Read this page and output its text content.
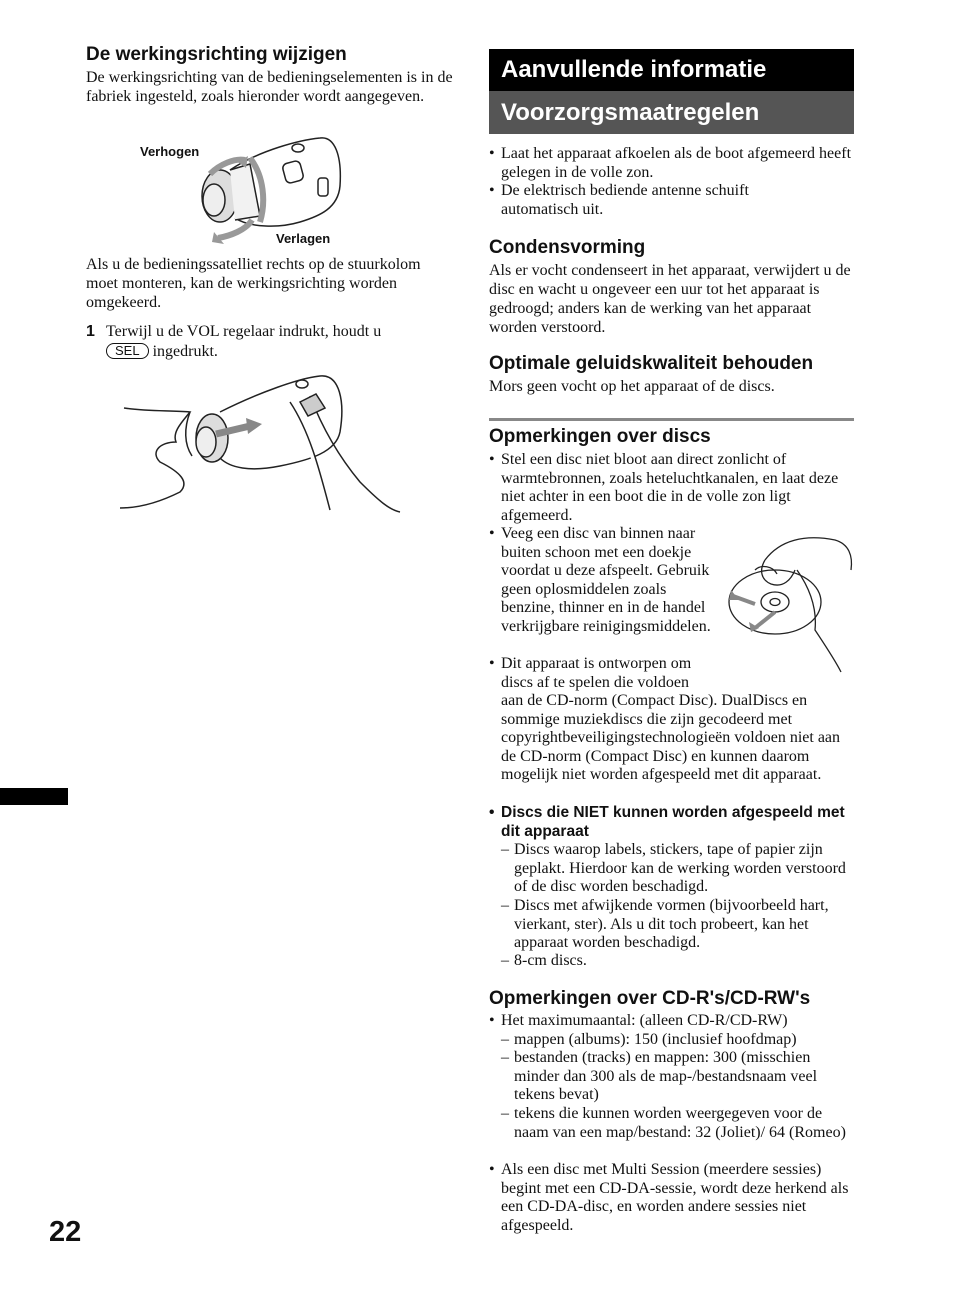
De werkingsrichting wijzigen

De werkingsrichting van de bedieningselementen is in de fabriek ingesteld, zoals hieronder wordt aangegeven.

Verhogen
Verlagen

Als u de bedieningssatelliet rechts op de stuurkolom moet monteren, kan de werkingsrichting worden omgekeerd.

1 Terwijl u de VOL regelaar indrukt, houdt u
SEL ingedrukt.
Aanvullende informatie
Voorzorgsmaatregelen
• Laat het apparaat afkoelen als de boot afgemeerd heeft gelegen in de volle zon.
• De elektrisch bediende antenne schuift automatisch uit.
Condensvorming

Als er vocht condenseert in het apparaat, verwijdert u de disc en wacht u ongeveer een uur tot het apparaat is gedroogd; anders kan de werking van het apparaat worden verstoord.

Optimale geluidskwaliteit behouden

Mors geen vocht op het apparaat of de discs.

Opmerkingen over discs
• Stel een disc niet bloot aan direct zonlicht of warmtebronnen, zoals heteluchtkanalen, en laat deze niet achter in een boot die in de volle zon ligt afgemeerd.
• Veeg een disc van binnen naar buiten schoon met een doekje voordat u deze afspeelt. Gebruik geen oplosmiddelen zoals benzine, thinner en in de handel verkrijgbare reinigingsmiddelen.
• Dit apparaat is ontworpen om discs af te spelen die voldoen
aan de CD-norm (Compact Disc). DualDiscs en sommige muziekdiscs die zijn gecodeerd met copyrightbeveiligingstechnologieën voldoen niet aan de CD-norm (Compact Disc) en kunnen daarom mogelijk niet worden afgespeeld met dit apparaat.
• Discs die NIET kunnen worden afgespeeld met dit apparaat
– Discs waarop labels, stickers, tape of papier zijn geplakt. Hierdoor kan de werking worden verstoord of de disc worden beschadigd.
– Discs met afwijkende vormen (bijvoorbeeld hart, vierkant, ster). Als u dit toch probeert, kan het apparaat worden beschadigd.
– 8-cm discs.
Opmerkingen over CD-R's/CD-RW's
• Het maximumaantal: (alleen CD-R/CD-RW)
– mappen (albums): 150 (inclusief hoofdmap)
– bestanden (tracks) en mappen: 300 (misschien minder dan 300 als de map-/bestandsnaam veel tekens bevat)
– tekens die kunnen worden weergegeven voor de naam van een map/bestand: 32 (Joliet)/ 64 (Romeo)
• Als een disc met Multi Session (meerdere sessies) begint met een CD-DA-sessie, wordt deze herkend als een CD-DA-disc, en worden andere sessies niet afgespeeld.
22
